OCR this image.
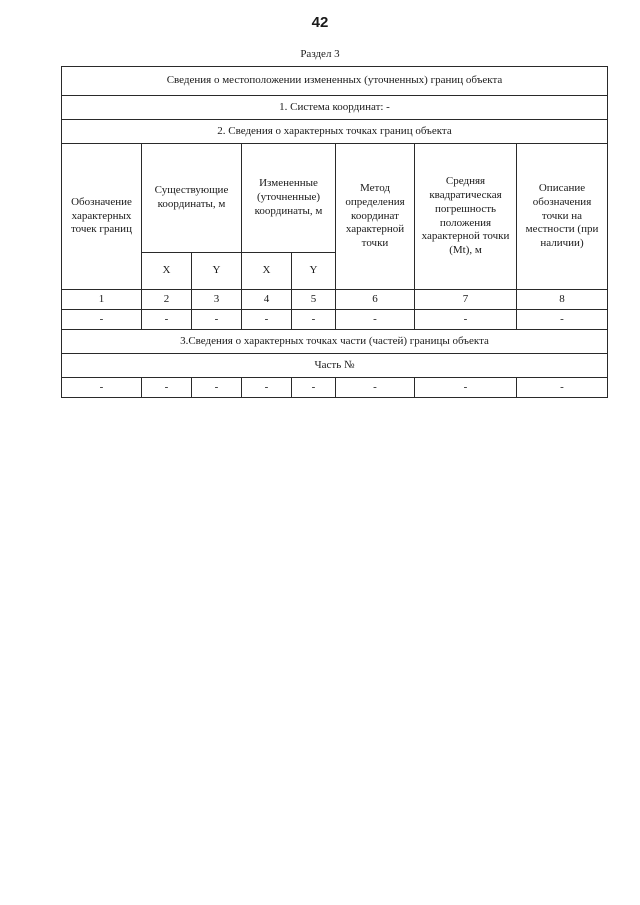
42
Раздел 3
Сведения о местоположении измененных (уточненных) границ объекта							
1. Система координат: -							
2. Сведения о характерных точках границ объекта							
Обозначение характерных точек границ	Существующие координаты, м		Измененные (уточненные) координаты, м		Метод определения координат характерной точки	Средняя квадратическая погрешность положения характерной точки (Mt), м	Описание обозначения точки на местности (при наличии)
	X	Y	X	Y			
1	2	3	4	5	6	7	8
-	-	-	-	-	-	-	-
3.Сведения о характерных точках части (частей) границы объекта							
Часть №							
-	-	-	-	-	-	-	-
